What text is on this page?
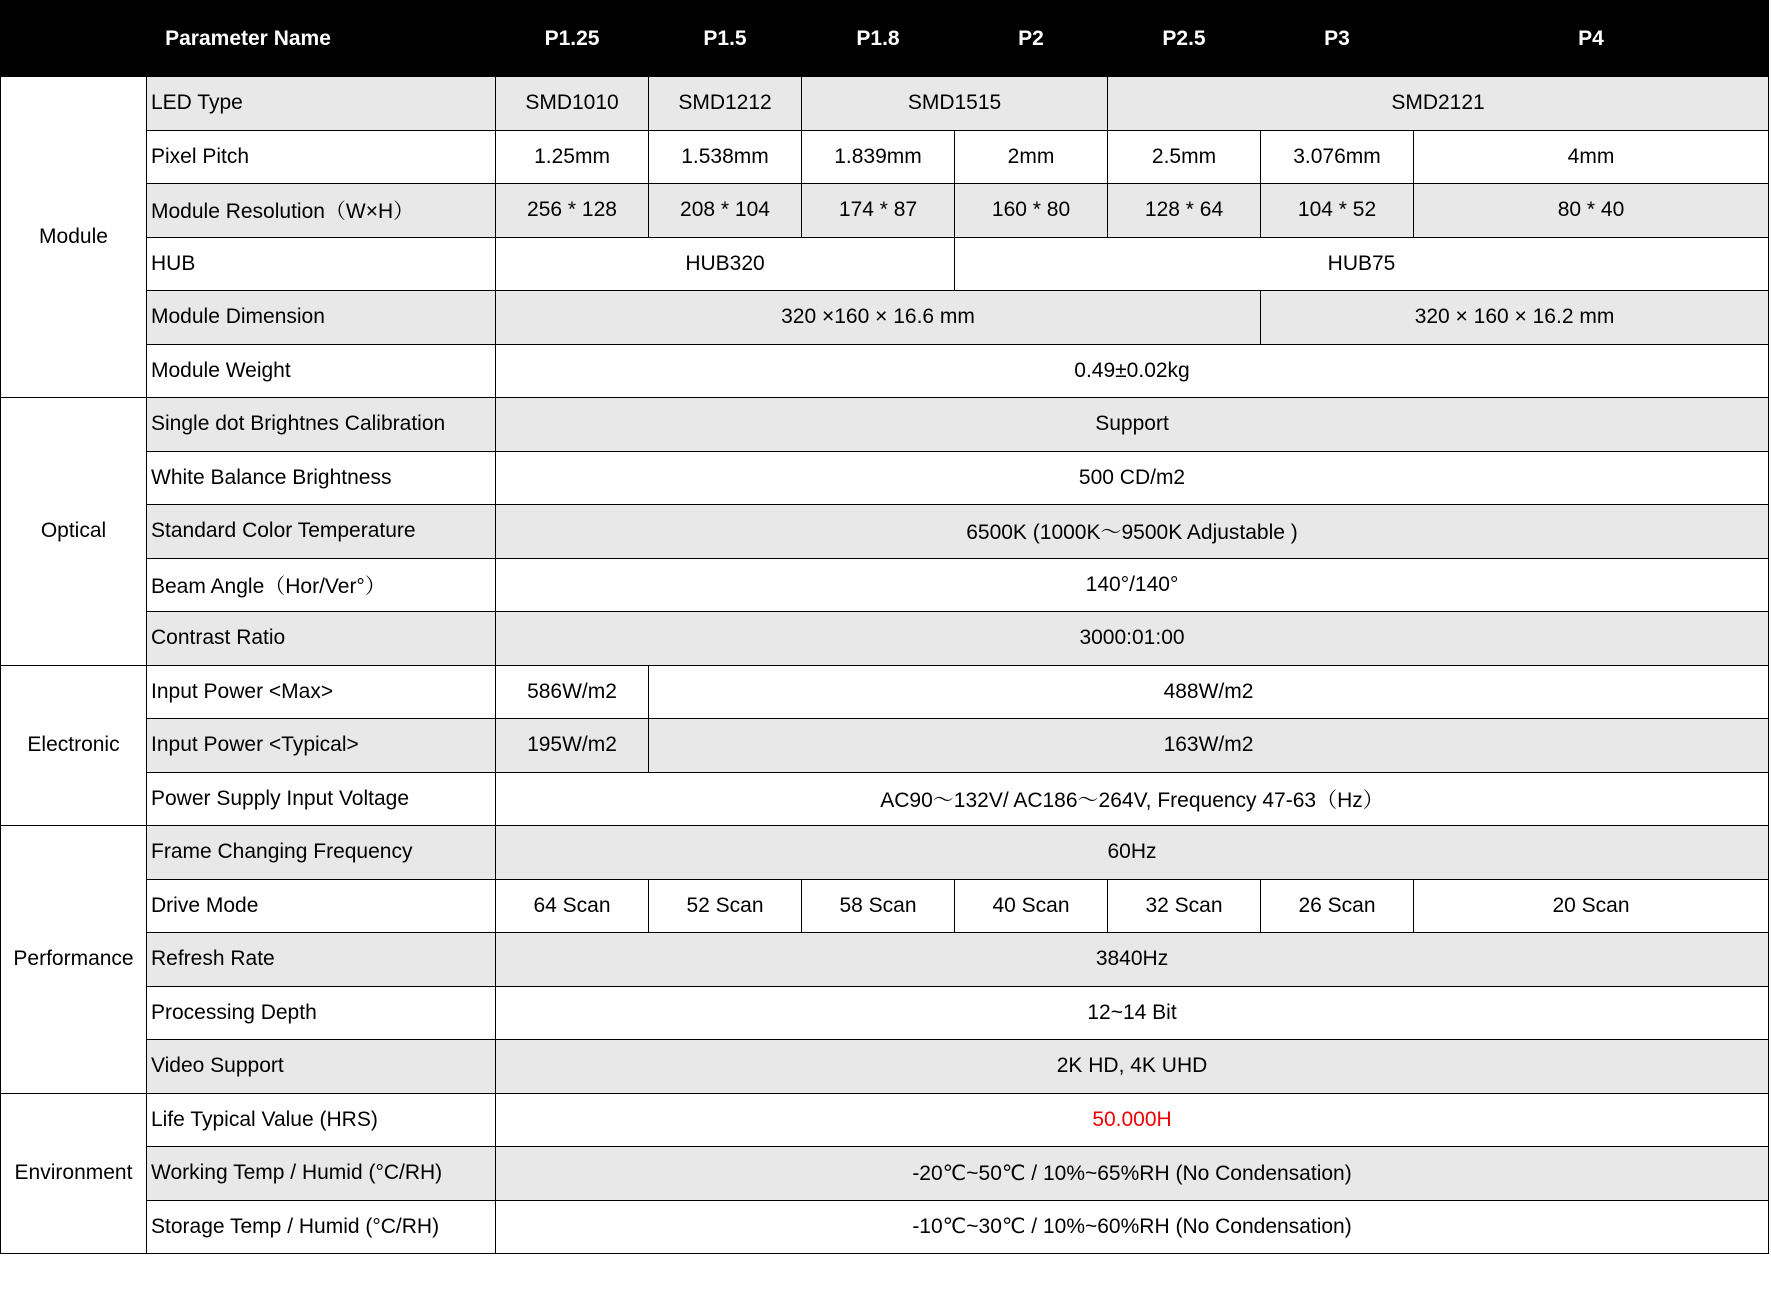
Parameter Name		P1.25	P1.5	P1.8	P2	P2.5	P3	P4
Module	LED Type	SMD1010	SMD1212	SMD1515		SMD2121		
	Pixel Pitch	1.25mm	1.538mm	1.839mm	2mm	2.5mm	3.076mm	4mm
	Module Resolution（W×H）	256 * 128	208 * 104	174 * 87	160 * 80	128 * 64	104 * 52	80 * 40
	HUB	HUB320			HUB75			
	Module Dimension	320 ×160 × 16.6 mm					320 × 160 × 16.2 mm	
	Module Weight	0.49±0.02kg						
Optical	Single dot Brightnes Calibration	Support						
	White Balance Brightness	500 CD/m2						
	Standard Color Temperature	6500K (1000K～9500K Adjustable )						
	Beam Angle（Hor/Ver°）	140°/140°						
	Contrast Ratio	3000:01:00						
Electronic	Input Power <Max>	586W/m2	488W/m2					
	Input Power <Typical>	195W/m2	163W/m2					
	Power Supply Input Voltage	AC90～132V/ AC186～264V, Frequency 47-63（Hz）						
Performance	Frame Changing Frequency	60Hz						
	Drive Mode	64 Scan	52 Scan	58 Scan	40 Scan	32 Scan	26 Scan	20 Scan
	Refresh Rate	3840Hz						
	Processing Depth	12~14 Bit						
	Video Support	2K HD, 4K UHD						
Environment	Life Typical Value (HRS)	50.000H						
	Working Temp / Humid (°C/RH)	-20℃~50℃ / 10%~65%RH (No Condensation)						
	Storage Temp / Humid (°C/RH)	-10℃~30℃ / 10%~60%RH (No Condensation)						
